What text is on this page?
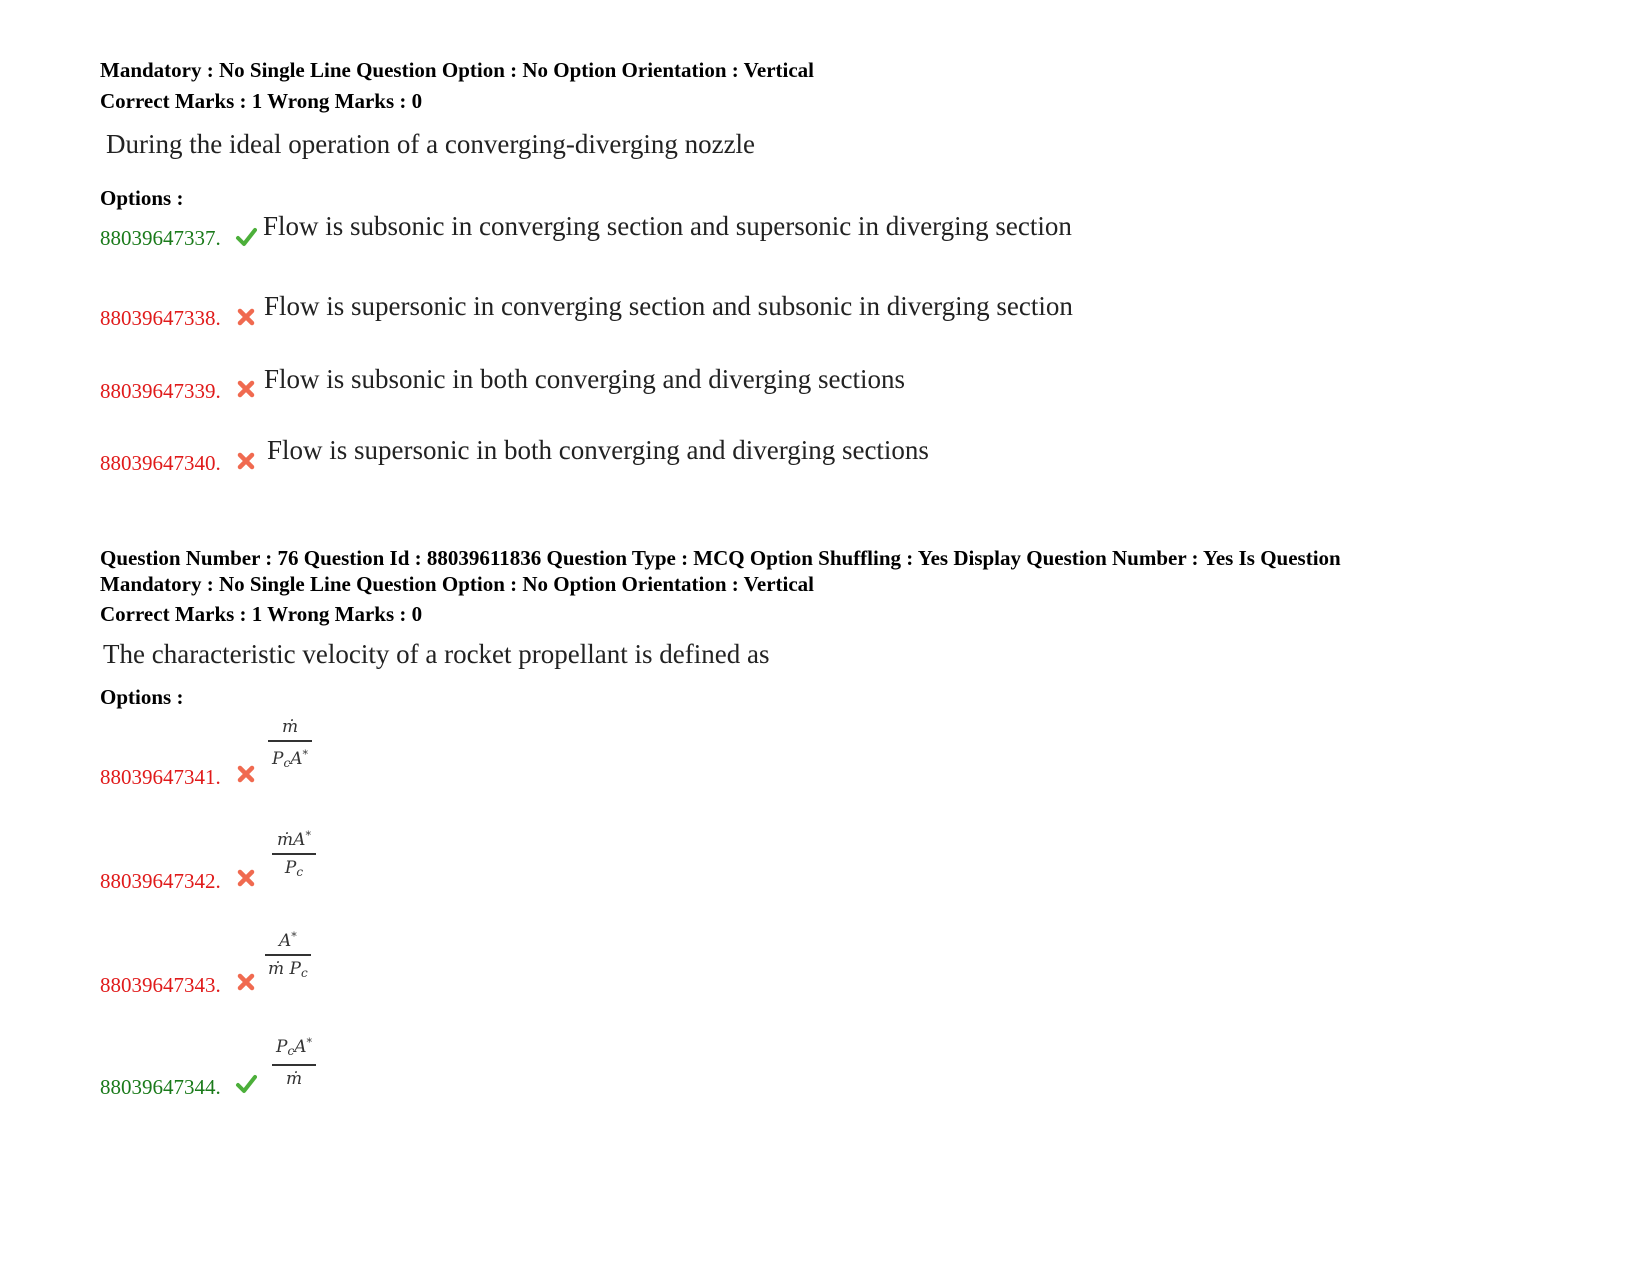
Mandatory : No Single Line Question Option : No Option Orientation : Vertical
Correct Marks : 1 Wrong Marks : 0
During the ideal operation of a converging-diverging nozzle
Options :
88039647337. Flow is subsonic in converging section and supersonic in diverging section
88039647338. Flow is supersonic in converging section and subsonic in diverging section
88039647339. Flow is subsonic in both converging and diverging sections
88039647340. Flow is supersonic in both converging and diverging sections
Question Number : 76 Question Id : 88039611836 Question Type : MCQ Option Shuffling : Yes Display Question Number : Yes Is Question
Mandatory : No Single Line Question Option : No Option Orientation : Vertical
Correct Marks : 1 Wrong Marks : 0
The characteristic velocity of a rocket propellant is defined as
Options :
88039647341.
ṁ
$P_cA^*$
88039647342.
ṁA*
$P_c$
88039647343.
A*
ṁ $P_c$
88039647344.
$P_cA^*$
ṁ
